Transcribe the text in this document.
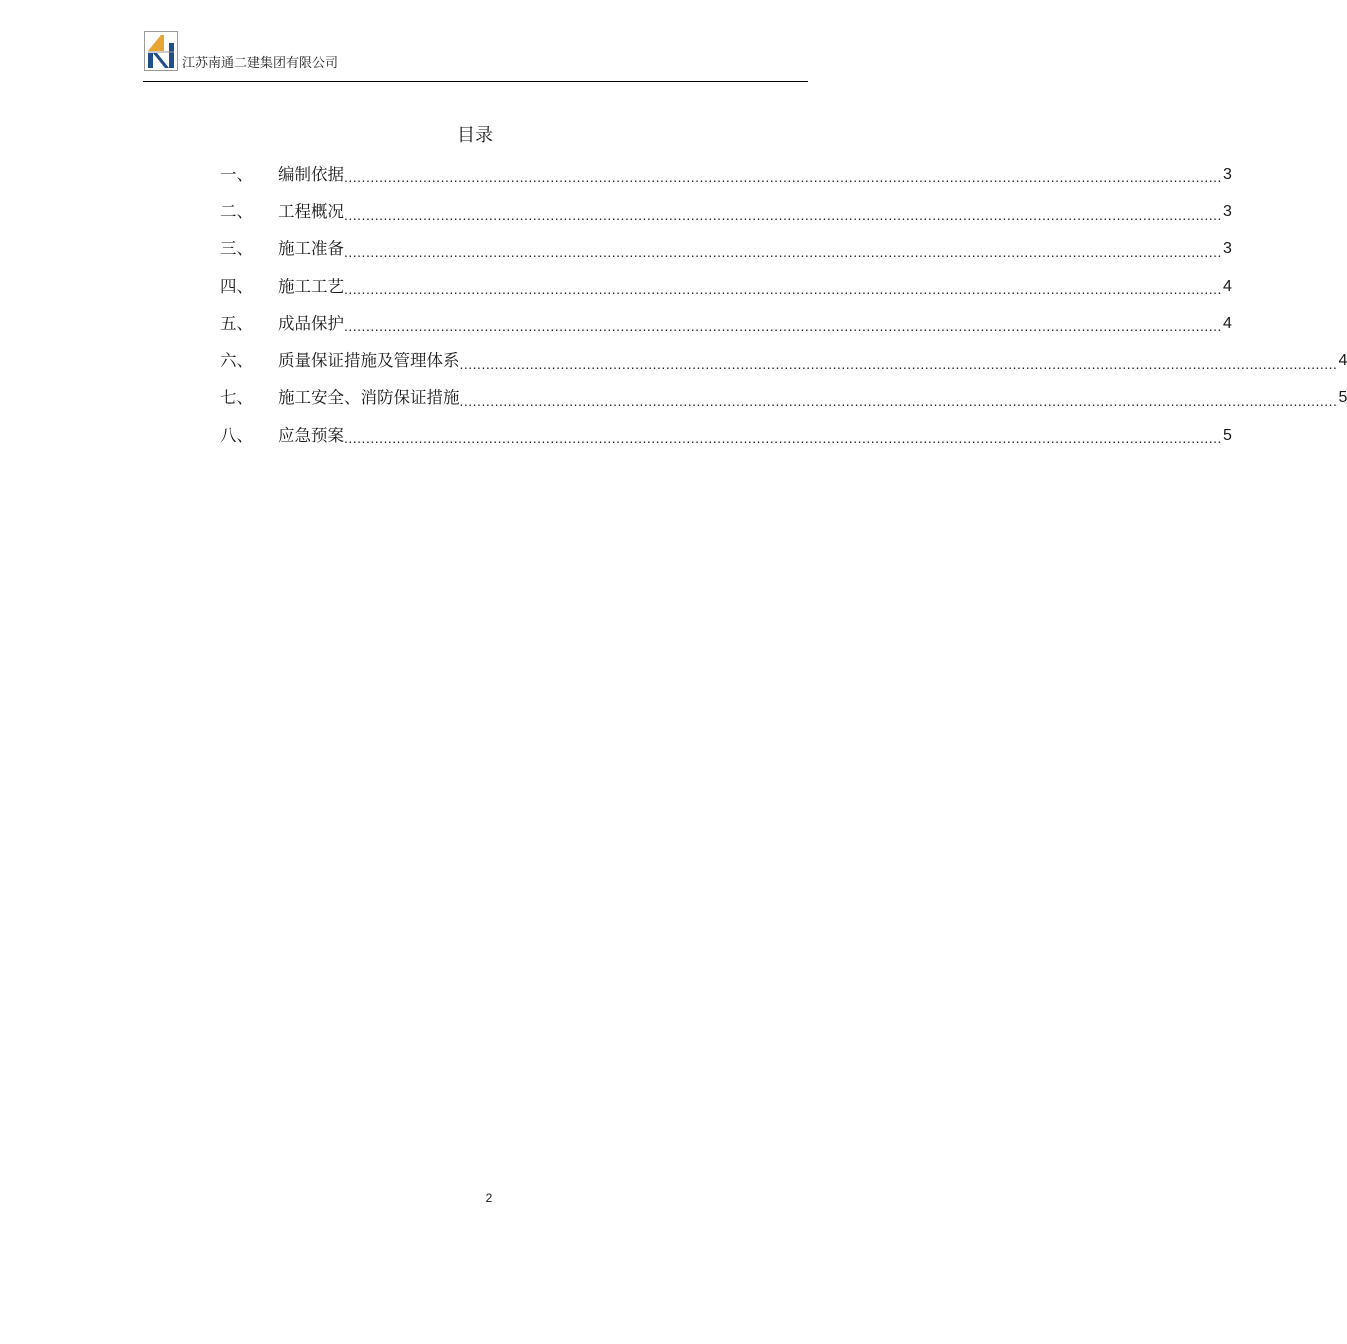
江苏南通二建集团有限公司
目录
一、	编制依据 ........................................................................................................................................................................................................ 3
二、	工程概况 ........................................................................................................................................................................................................ 3
三、	施工准备 ........................................................................................................................................................................................................ 3
四、	施工工艺 ........................................................................................................................................................................................................ 4
五、	成品保护 ........................................................................................................................................................................................................ 4
六、	质量保证措施及管理体系 ........................................................................................................................................................................................................ 4
七、	施工安全、消防保证措施 ........................................................................................................................................................................................................ 5
八、	应急预案 ........................................................................................................................................................................................................ 5
2
